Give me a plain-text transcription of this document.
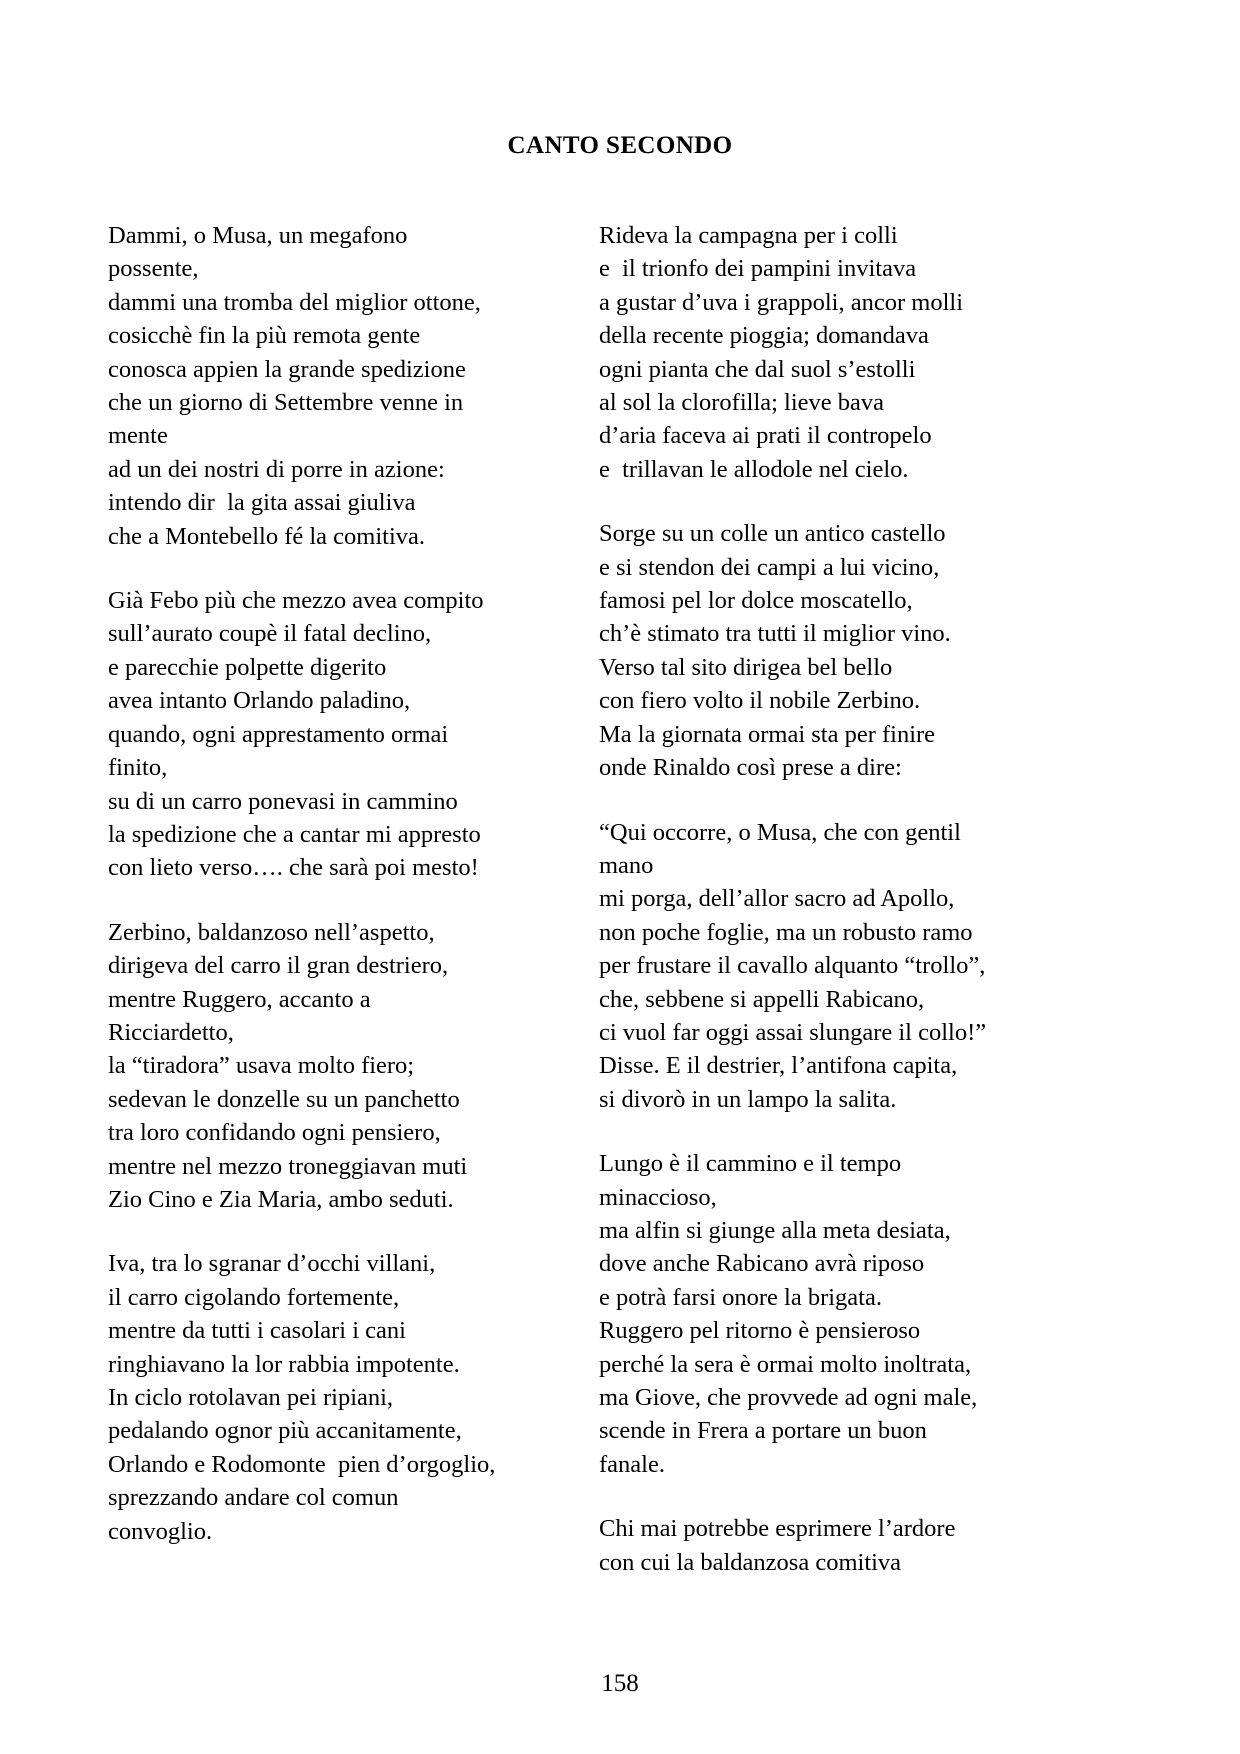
CANTO SECONDO
Dammi, o Musa, un megafono
possente,
dammi una tromba del miglior ottone,
cosicchè fin la più remota gente
conosca appien la grande spedizione
che un giorno di Settembre venne in
mente
ad un dei nostri di porre in azione:
intendo dir  la gita assai giuliva
che a Montebello fé la comitiva.
Già Febo più che mezzo avea compito
sull’aurato coupè il fatal declino,
e parecchie polpette digerito
avea intanto Orlando paladino,
quando, ogni apprestamento ormai
finito,
su di un carro ponevasi in cammino
la spedizione che a cantar mi appresto
con lieto verso…. che sarà poi mesto!
Zerbino, baldanzoso nell’aspetto,
dirigeva del carro il gran destriero,
mentre Ruggero, accanto a
Ricciardetto,
la “tiradora” usava molto fiero;
sedevan le donzelle su un panchetto
tra loro confidando ogni pensiero,
mentre nel mezzo troneggiavan muti
Zio Cino e Zia Maria, ambo seduti.
Iva, tra lo sgranar d’occhi villani,
il carro cigolando fortemente,
mentre da tutti i casolari i cani
ringhiavano la lor rabbia impotente.
In ciclo rotolavan pei ripiani,
pedalando ognor più accanitamente,
Orlando e Rodomonte  pien d’orgoglio,
sprezzando andare col comun
convoglio.
Rideva la campagna per i colli
e  il trionfo dei pampini invitava
a gustar d’uva i grappoli, ancor molli
della recente pioggia; domandava
ogni pianta che dal suol s’estolli
al sol la clorofilla; lieve bava
d’aria faceva ai prati il contropelo
e  trillavan le allodole nel cielo.
Sorge su un colle un antico castello
e si stendon dei campi a lui vicino,
famosi pel lor dolce moscatello,
ch’è stimato tra tutti il miglior vino.
Verso tal sito dirigea bel bello
con fiero volto il nobile Zerbino.
Ma la giornata ormai sta per finire
onde Rinaldo così prese a dire:
“Qui occorre, o Musa, che con gentil
mano
mi porga, dell’allor sacro ad Apollo,
non poche foglie, ma un robusto ramo
per frustare il cavallo alquanto “trollo”,
che, sebbene si appelli Rabicano,
ci vuol far oggi assai slungare il collo!”
Disse. E il destrier, l’antifona capita,
si divorò in un lampo la salita.
Lungo è il cammino e il tempo
minaccioso,
ma alfin si giunge alla meta desiata,
dove anche Rabicano avrà riposo
e potrà farsi onore la brigata.
Ruggero pel ritorno è pensieroso
perché la sera è ormai molto inoltrata,
ma Giove, che provvede ad ogni male,
scende in Frera a portare un buon
fanale.
Chi mai potrebbe esprimere l’ardore
con cui la baldanzosa comitiva
158
